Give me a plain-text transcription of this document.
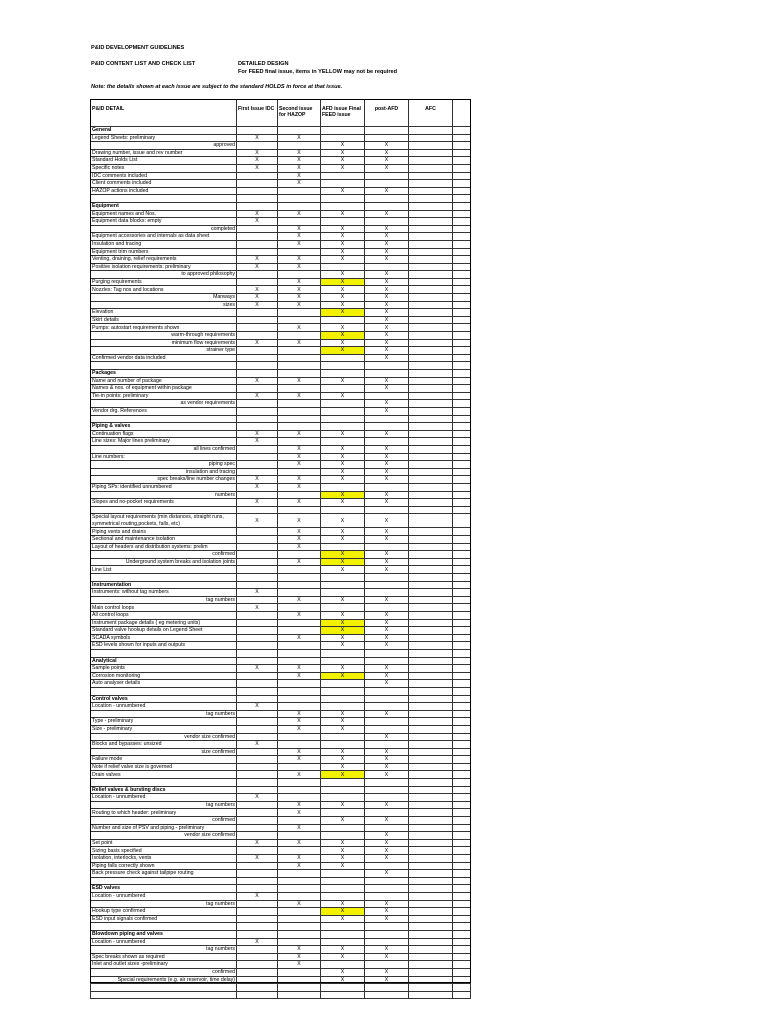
P&ID DEVELOPMENT GUIDELINES
P&ID CONTENT LIST AND CHECK LIST	DETAILED DESIGN
For FEED final issue, items in YELLOW may not be required
Note: the details shown at each issue are subject to the standard HOLDS in force at that issue.
P&ID DETAIL	First Issue IDC	Second issue for HAZOP	AFD issue Final FEED issue	post-AFD	AFC	
General						
Legend Sheets: preliminary	X	X				
approved			X	X		
Drawing number, issue and rev number	X	X	X	X		
Standard Holds List	X	X	X	X		
Specific notes	X	X	X	X		
IDC comments included		X				
Client comments included		X				
HAZOP actions included			X	X		

Equipment						
Equipment names and Nos.	X	X	X	X		
Equipment data blocks: empty	X					
completed		X	X	X		
Equipment accessories and internals as data sheet		X	X	X		
Insulation and tracing		X	X	X		
Equipment trim numbers			X	X		
Venting, draining, relief requirements	X	X	X	X		
Positive isolation requirements: preliminary	X	X				
to approved philosophy			X	X		
Purging requirements		X	X	X		
Nozzles: Tag nos and locations	X	X	X	X		
Manways	X	X	X	X		
sizes	X	X	X	X		
Elevation			X	X		
Skirt details				X		
Pumps: autostart requirements shown		X	X	X		
warm-through requirements			X	X		
minimum flow requirements	X	X	X	X		
strainer type			X	X		
Confirmed vendor data included				X		

Packages						
Name and number of package	X	X	X	X		
Names & nos. of equipment within package				X		
Tie-in points: preliminary	X	X	X			
as vendor requirements				X		
Vendor drg. References				X		

Piping & valves						
Continuation flags	X	X	X	X		
Line sizes: Major lines preliminary	X					
all lines confirmed		X	X	X		
Line numbers:		X	X	X		
piping spec		X	X	X		
insulation and tracing			X	X		
spec breaks/line number changes	X	X	X	X		
Piping SPs: identified unnumbered	X	X				
numbers			X	X		
Slopes and no-pocket requirements	X	X	X	X		

Special layout requirements (min distances, straight runs, symmetrical routing,pockets, falls, etc)	X	X	X	X		
Piping vents and drains		X	X	X		
Sectional and maintenance isolation		X	X	X		
Layout of headers and distribution systems: prelim		X				
confirmed			X	X		
Underground system breaks and isolation joints		X	X	X		
Line List			X	X		

Instrumentation						
Instruments: without tag numbers	X					
tag numbers		X	X	X		
Main control loops	X					
All control loops		X	X	X		
Instrument package details ( eg metering units)			X	X		
Standard valve hookup details on Legend Sheet			X	X		
SCADA symbols		X	X	X		
ESD levels shown for inputs and outputs			X	X		

Analytical						
Sample points	X	X	X	X		
Corrosion monitoring		X	X	X		
Auto analyser details				X		

Control valves						
Location - unnumbered	X					
tag numbers		X	X	X		
Type - preliminary		X	X			
Size - preliminary		X	X			
vendor size confirmed				X		
Blocks and bypasses: unsized	X					
size confirmed		X	X	X		
Failure mode		X	X	X		
Note if relief valve size is governed			X	X		
Drain valves		X	X	X		

Relief valves & bursting discs						
Location - unnumbered	X					
tag numbers		X	X	X		
Routing to which header: preliminary		X				
confirmed			X	X		
Number and size of PSV and piping - preliminary		X				
vendor size confirmed				X		
Set point	X	X	X	X		
Sizing basis specified			X	X		
Isolation, interlocks, vents	X	X	X	X		
Piping falls correctly shown		X	X			
Back pressure check against tailpipe routing				X		

ESD valves						
Location - unnumbered	X					
tag numbers		X	X	X		
Hookup type confirmed			X	X		
ESD input signals confirmed			X	X		

Blowdown piping and valves						
Location - unnumbered	X					
tag numbers		X	X	X		
Spec breaks shown as required		X	X	X		
Inlet and outlet sizes -preliminary		X				
confirmed			X	X		
Special requirements (e.g. air reservoir, time delay)			X	X		
